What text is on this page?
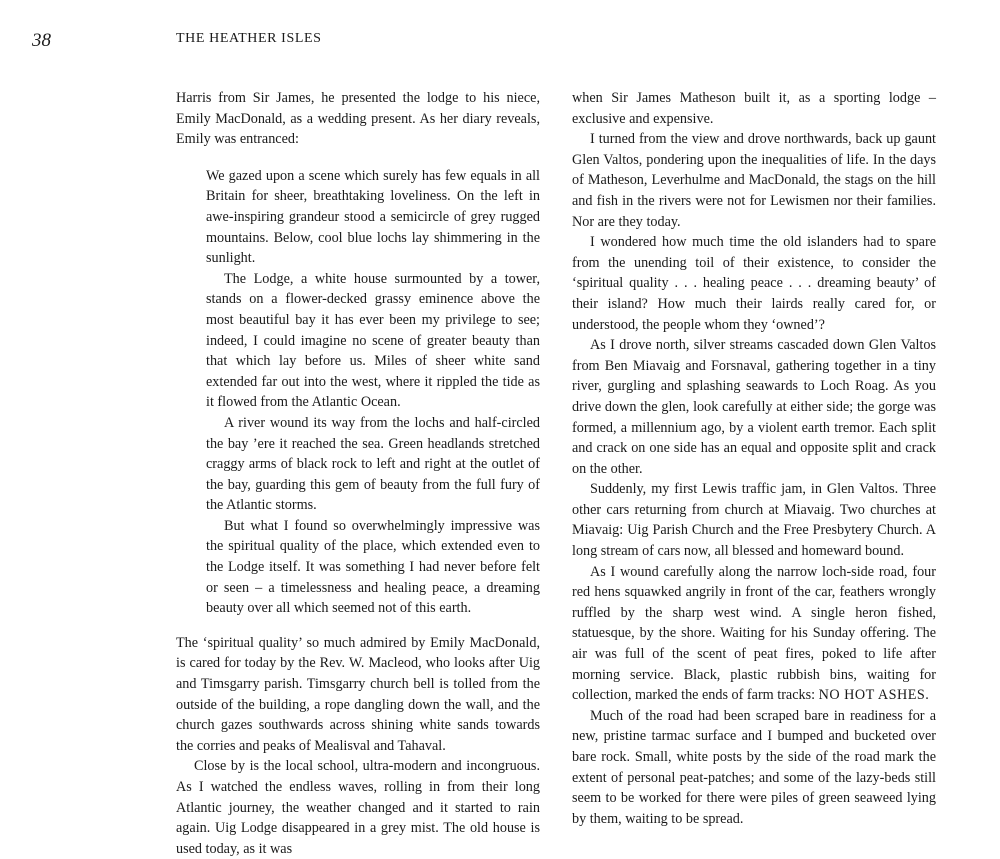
38	THE HEATHER ISLES

Harris from Sir James, he presented the lodge to his niece, Emily MacDonald, as a wedding present. As her diary reveals, Emily was entranced:

We gazed upon a scene which surely has few equals in all Britain for sheer, breathtaking loveliness. On the left in awe-inspiring grandeur stood a semicircle of grey rugged mountains. Below, cool blue lochs lay shimmering in the sunlight.

The Lodge, a white house surmounted by a tower, stands on a flower-decked grassy eminence above the most beautiful bay it has ever been my privilege to see; indeed, I could imagine no scene of greater beauty than that which lay before us. Miles of sheer white sand extended far out into the west, where it rippled the tide as it flowed from the Atlantic Ocean.

A river wound its way from the lochs and half-circled the bay ’ere it reached the sea. Green headlands stretched craggy arms of black rock to left and right at the outlet of the bay, guarding this gem of beauty from the full fury of the Atlantic storms.

But what I found so overwhelmingly impressive was the spiritual quality of the place, which extended even to the Lodge itself. It was something I had never before felt or seen – a timelessness and healing peace, a dreaming beauty over all which seemed not of this earth.

The ‘spiritual quality’ so much admired by Emily MacDonald, is cared for today by the Rev. W. Macleod, who looks after Uig and Timsgarry parish. Timsgarry church bell is tolled from the outside of the building, a rope dangling down the wall, and the church gazes southwards across shining white sands towards the corries and peaks of Mealisval and Tahaval.

Close by is the local school, ultra-modern and incongruous. As I watched the endless waves, rolling in from their long Atlantic journey, the weather changed and it started to rain again. Uig Lodge disappeared in a grey mist. The old house is used today, as it was

when Sir James Matheson built it, as a sporting lodge – exclusive and expensive.

I turned from the view and drove northwards, back up gaunt Glen Valtos, pondering upon the inequalities of life. In the days of Matheson, Leverhulme and MacDonald, the stags on the hill and fish in the rivers were not for Lewismen nor their families. Nor are they today.

I wondered how much time the old islanders had to spare from the unending toil of their existence, to consider the ‘spiritual quality . . . healing peace . . . dreaming beauty’ of their island? How much their lairds really cared for, or understood, the people whom they ‘owned’?

As I drove north, silver streams cascaded down Glen Valtos from Ben Miavaig and Forsnaval, gathering together in a tiny river, gurgling and splashing seawards to Loch Roag. As you drive down the glen, look carefully at either side; the gorge was formed, a millennium ago, by a violent earth tremor. Each split and crack on one side has an equal and opposite split and crack on the other.

Suddenly, my first Lewis traffic jam, in Glen Valtos. Three other cars returning from church at Miavaig. Two churches at Miavaig: Uig Parish Church and the Free Presbytery Church. A long stream of cars now, all blessed and homeward bound.

As I wound carefully along the narrow loch-side road, four red hens squawked angrily in front of the car, feathers wrongly ruffled by the sharp west wind. A single heron fished, statuesque, by the shore. Waiting for his Sunday offering. The air was full of the scent of peat fires, poked to life after morning service. Black, plastic rubbish bins, waiting for collection, marked the ends of farm tracks: NO HOT ASHES.

Much of the road had been scraped bare in readiness for a new, pristine tarmac surface and I bumped and bucketed over bare rock. Small, white posts by the side of the road mark the extent of personal peat-patches; and some of the lazy-beds still seem to be worked for there were piles of green seaweed lying by them, waiting to be spread.
